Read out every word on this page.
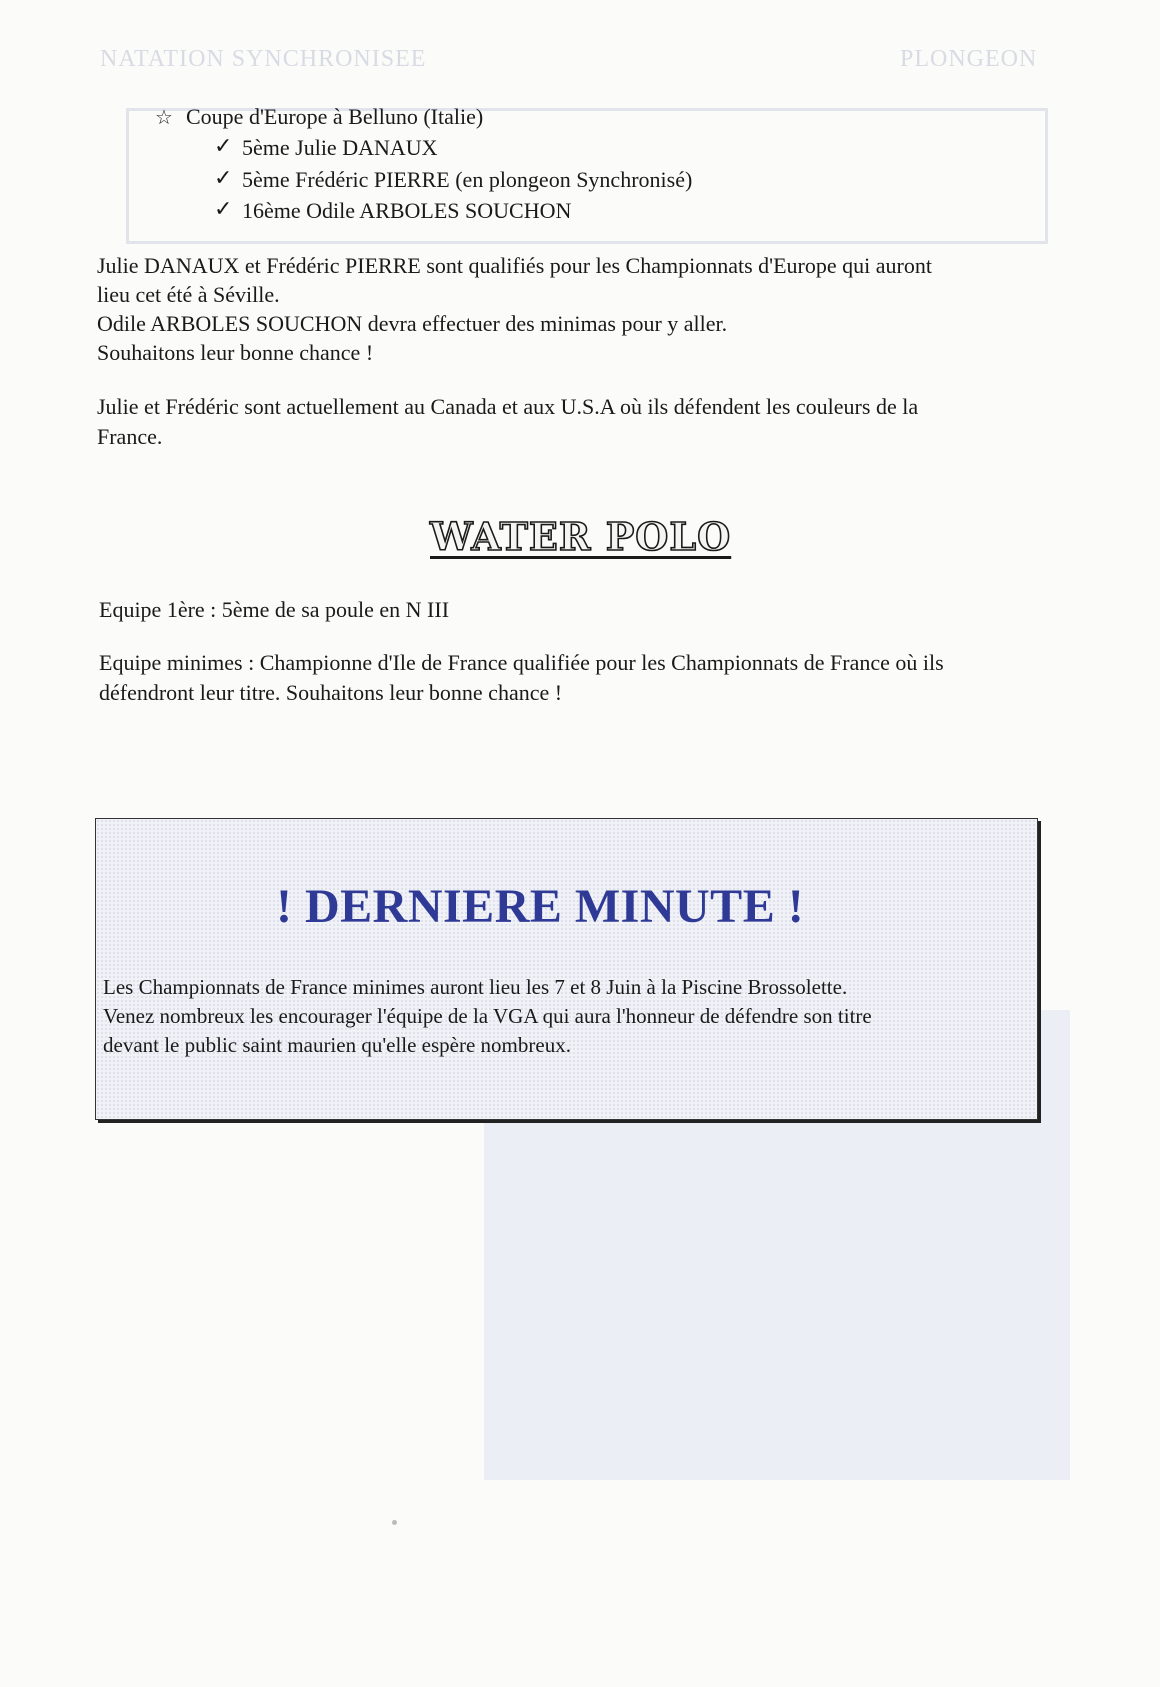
NATATION SYNCHRONISEE	PLONGEON
☆ Coupe d'Europe à Belluno (Italie)
✓ 5ème Julie DANAUX
✓ 5ème Frédéric PIERRE (en plongeon Synchronisé)
✓ 16ème Odile ARBOLES SOUCHON
Julie DANAUX et Frédéric PIERRE sont qualifiés pour les Championnats d'Europe qui auront
lieu cet été à Séville.
Odile ARBOLES SOUCHON devra effectuer des minimas pour y aller.
Souhaitons leur bonne chance !
Julie et Frédéric sont actuellement au Canada et aux U.S.A où ils défendent les couleurs de la
France.
WATER POLO
Equipe 1ère : 5ème de sa poule en N III
Equipe minimes : Championne d'Ile de France qualifiée pour les Championnats de France où ils
défendront leur titre. Souhaitons leur bonne chance !
! DERNIERE MINUTE !
Les Championnats de France minimes auront lieu les 7 et 8 Juin à la Piscine Brossolette.
Venez nombreux les encourager l'équipe de la VGA qui aura l'honneur de défendre son titre
devant le public saint maurien qu'elle espère nombreux.
